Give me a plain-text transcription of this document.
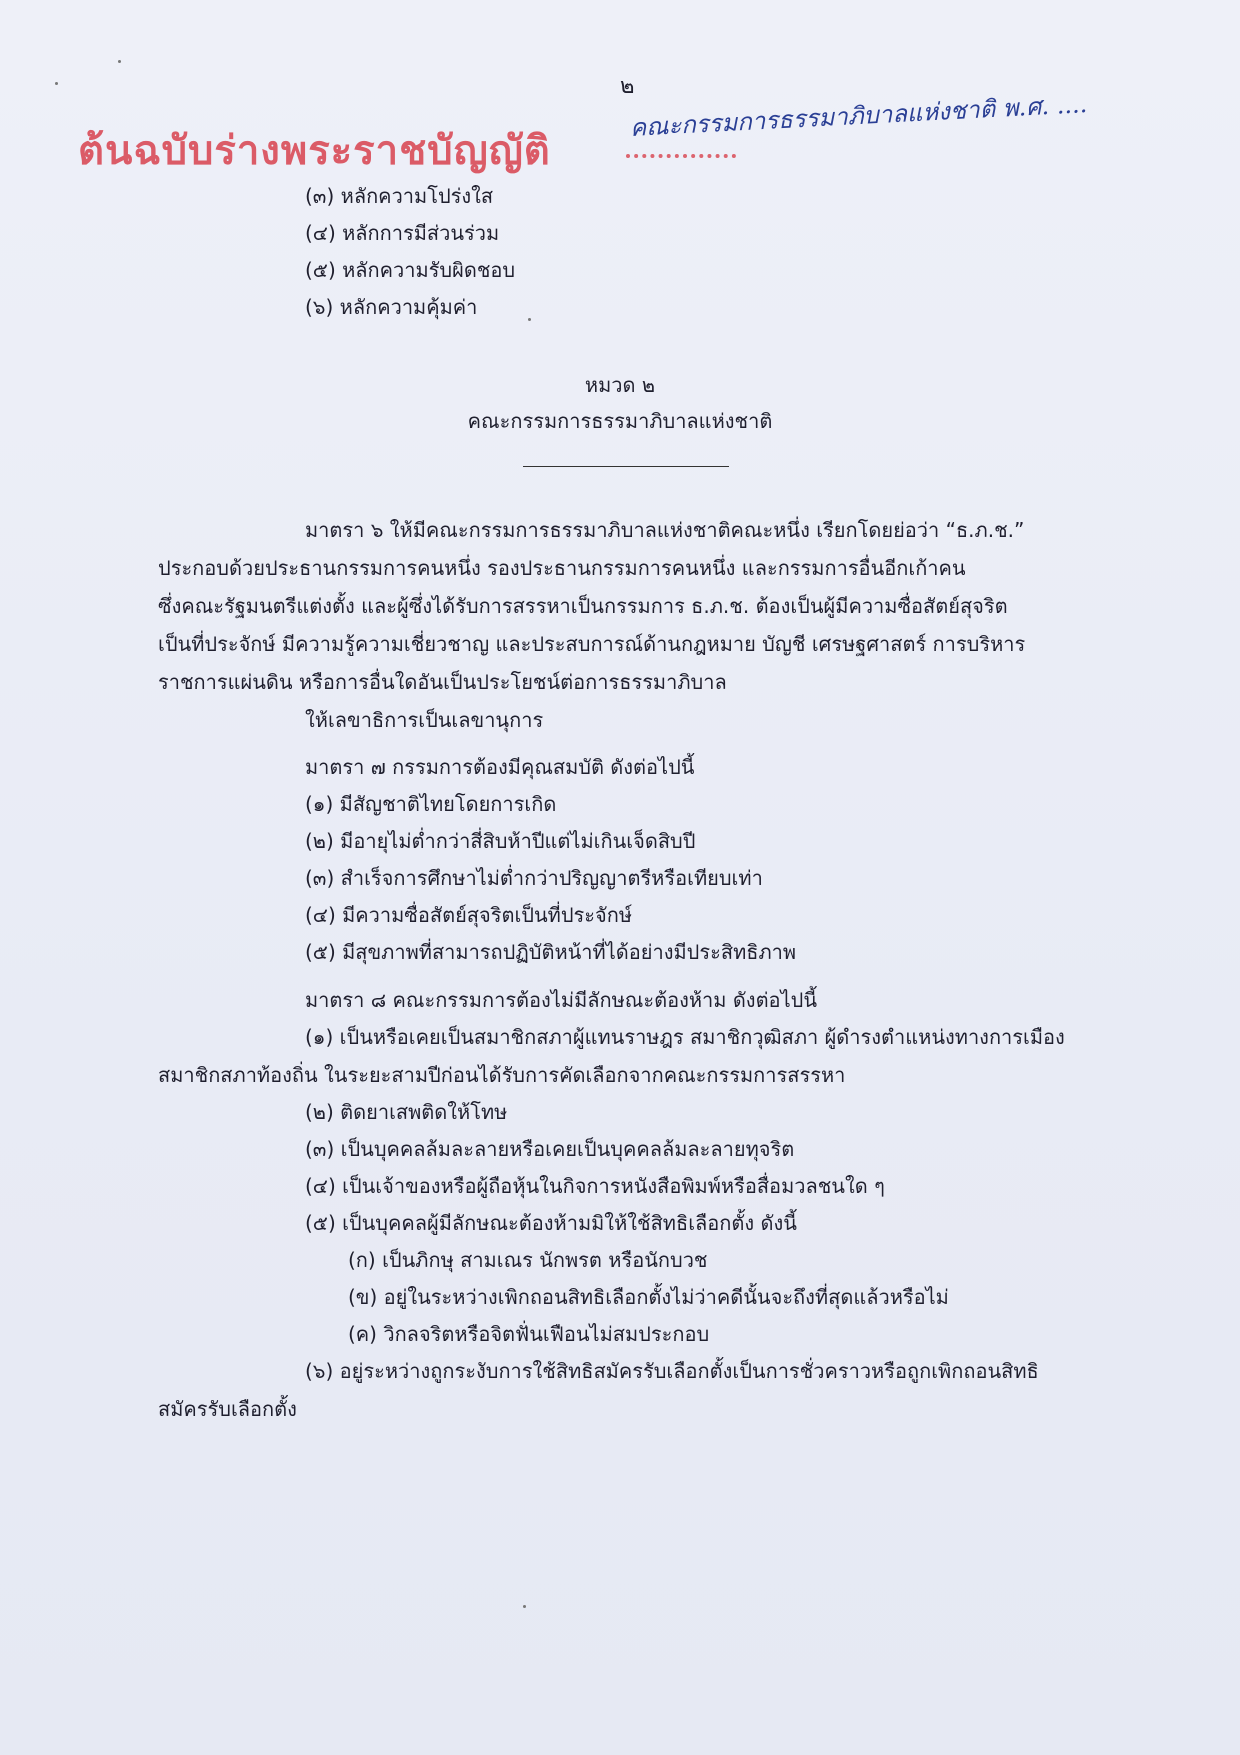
๒
ต้นฉบับร่างพระราชบัญญัติ
คณะกรรมการธรรมาภิบาลแห่งชาติ พ.ศ. ....
(๓) หลักความโปร่งใส
(๔) หลักการมีส่วนร่วม
(๕) หลักความรับผิดชอบ
(๖) หลักความคุ้มค่า
หมวด ๒
คณะกรรมการธรรมาภิบาลแห่งชาติ
มาตรา ๖ ให้มีคณะกรรมการธรรมาภิบาลแห่งชาติคณะหนึ่ง เรียกโดยย่อว่า “ธ.ภ.ช.”
ประกอบด้วยประธานกรรมการคนหนึ่ง รองประธานกรรมการคนหนึ่ง และกรรมการอื่นอีกเก้าคน
ซึ่งคณะรัฐมนตรีแต่งตั้ง และผู้ซึ่งได้รับการสรรหาเป็นกรรมการ ธ.ภ.ช. ต้องเป็นผู้มีความซื่อสัตย์สุจริต
เป็นที่ประจักษ์ มีความรู้ความเชี่ยวชาญ และประสบการณ์ด้านกฎหมาย บัญชี เศรษฐศาสตร์ การบริหาร
ราชการแผ่นดิน หรือการอื่นใดอันเป็นประโยชน์ต่อการธรรมาภิบาล
ให้เลขาธิการเป็นเลขานุการ
มาตรา ๗ กรรมการต้องมีคุณสมบัติ ดังต่อไปนี้
(๑) มีสัญชาติไทยโดยการเกิด
(๒) มีอายุไม่ต่ำกว่าสี่สิบห้าปีแต่ไม่เกินเจ็ดสิบปี
(๓) สำเร็จการศึกษาไม่ต่ำกว่าปริญญาตรีหรือเทียบเท่า
(๔) มีความซื่อสัตย์สุจริตเป็นที่ประจักษ์
(๕) มีสุขภาพที่สามารถปฏิบัติหน้าที่ได้อย่างมีประสิทธิภาพ
มาตรา ๘ คณะกรรมการต้องไม่มีลักษณะต้องห้าม ดังต่อไปนี้
(๑) เป็นหรือเคยเป็นสมาชิกสภาผู้แทนราษฎร สมาชิกวุฒิสภา ผู้ดำรงตำแหน่งทางการเมือง
สมาชิกสภาท้องถิ่น ในระยะสามปีก่อนได้รับการคัดเลือกจากคณะกรรมการสรรหา
(๒) ติดยาเสพติดให้โทษ
(๓) เป็นบุคคลล้มละลายหรือเคยเป็นบุคคลล้มละลายทุจริต
(๔) เป็นเจ้าของหรือผู้ถือหุ้นในกิจการหนังสือพิมพ์หรือสื่อมวลชนใด ๆ
(๕) เป็นบุคคลผู้มีลักษณะต้องห้ามมิให้ใช้สิทธิเลือกตั้ง ดังนี้
(ก) เป็นภิกษุ สามเณร นักพรต หรือนักบวช
(ข) อยู่ในระหว่างเพิกถอนสิทธิเลือกตั้งไม่ว่าคดีนั้นจะถึงที่สุดแล้วหรือไม่
(ค) วิกลจริตหรือจิตฟั่นเฟือนไม่สมประกอบ
(๖) อยู่ระหว่างถูกระงับการใช้สิทธิสมัครรับเลือกตั้งเป็นการชั่วคราวหรือถูกเพิกถอนสิทธิ
สมัครรับเลือกตั้ง
